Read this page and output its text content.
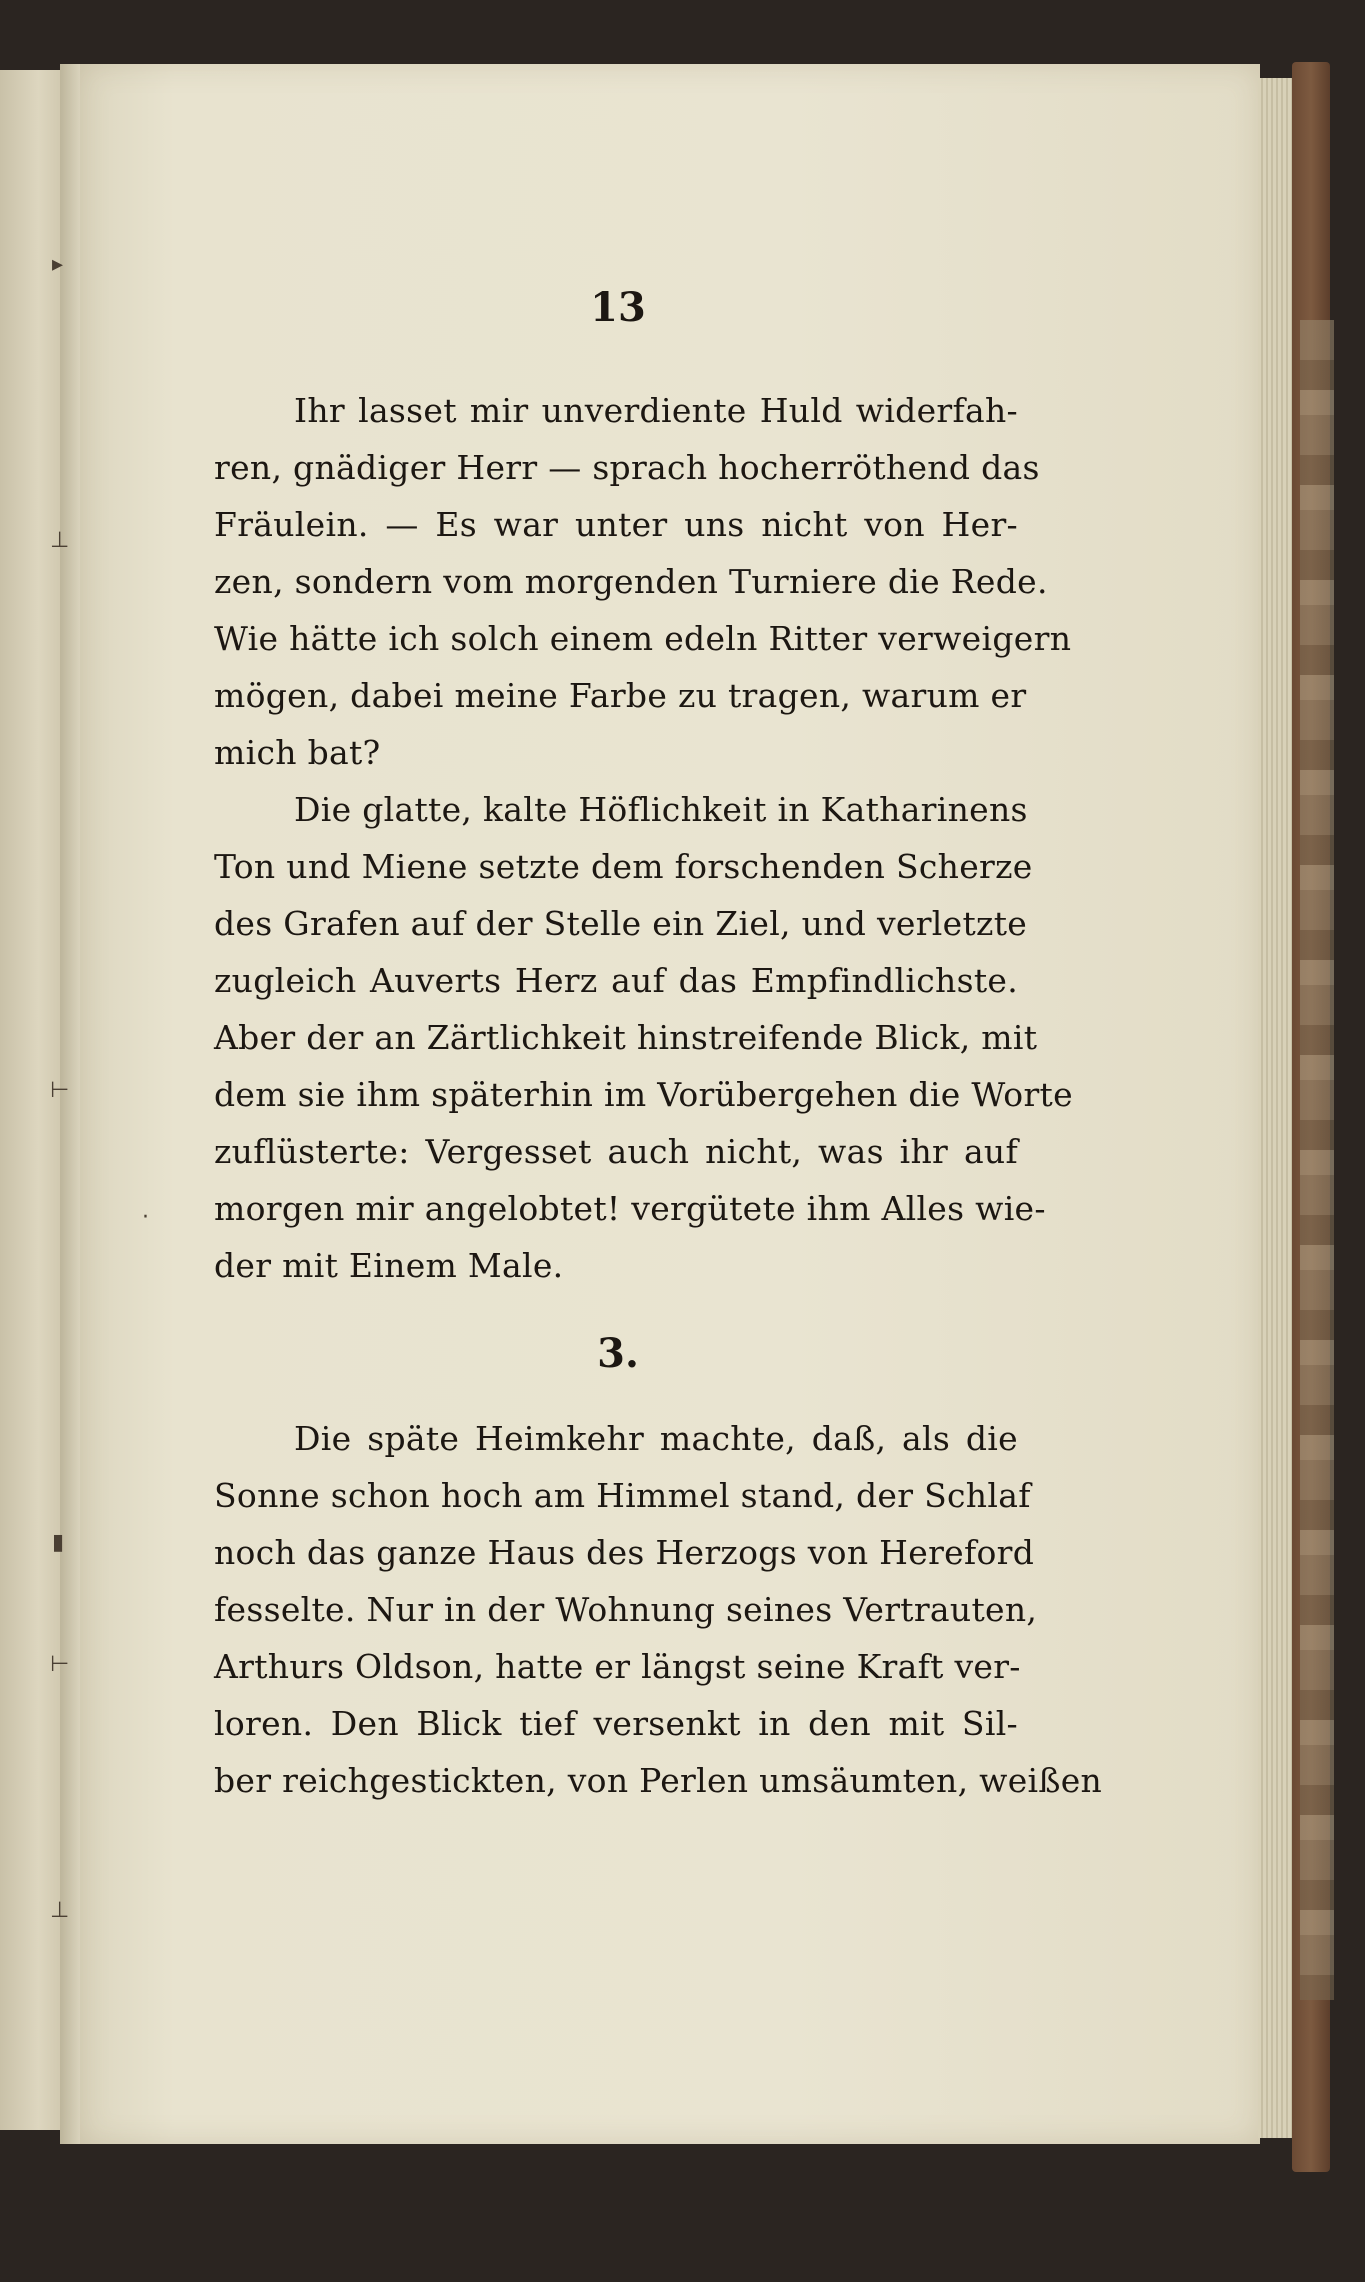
▸
⊥
⊢
▮
⊢
⊥
·
13
Ihr lasset mir unverdiente Huld widerfah-
ren, gnädiger Herr — sprach hocherröthend das
Fräulein. — Es war unter uns nicht von Her-
zen, sondern vom morgenden Turniere die Rede.
Wie hätte ich solch einem edeln Ritter verweigern
mögen, dabei meine Farbe zu tragen, warum er
mich bat?
Die glatte, kalte Höflichkeit in Katharinens
Ton und Miene setzte dem forschenden Scherze
des Grafen auf der Stelle ein Ziel, und verletzte
zugleich Auverts Herz auf das Empfindlichste.
Aber der an Zärtlichkeit hinstreifende Blick, mit
dem sie ihm späterhin im Vorübergehen die Worte
zuflüsterte: Vergesset auch nicht, was ihr auf
morgen mir angelobtet! vergütete ihm Alles wie-
der mit Einem Male.
3.
Die späte Heimkehr machte, daß, als die
Sonne schon hoch am Himmel stand, der Schlaf
noch das ganze Haus des Herzogs von Hereford
fesselte. Nur in der Wohnung seines Vertrauten,
Arthurs Oldson, hatte er längst seine Kraft ver-
loren. Den Blick tief versenkt in den mit Sil-
ber reichgestickten, von Perlen umsäumten, weißen
